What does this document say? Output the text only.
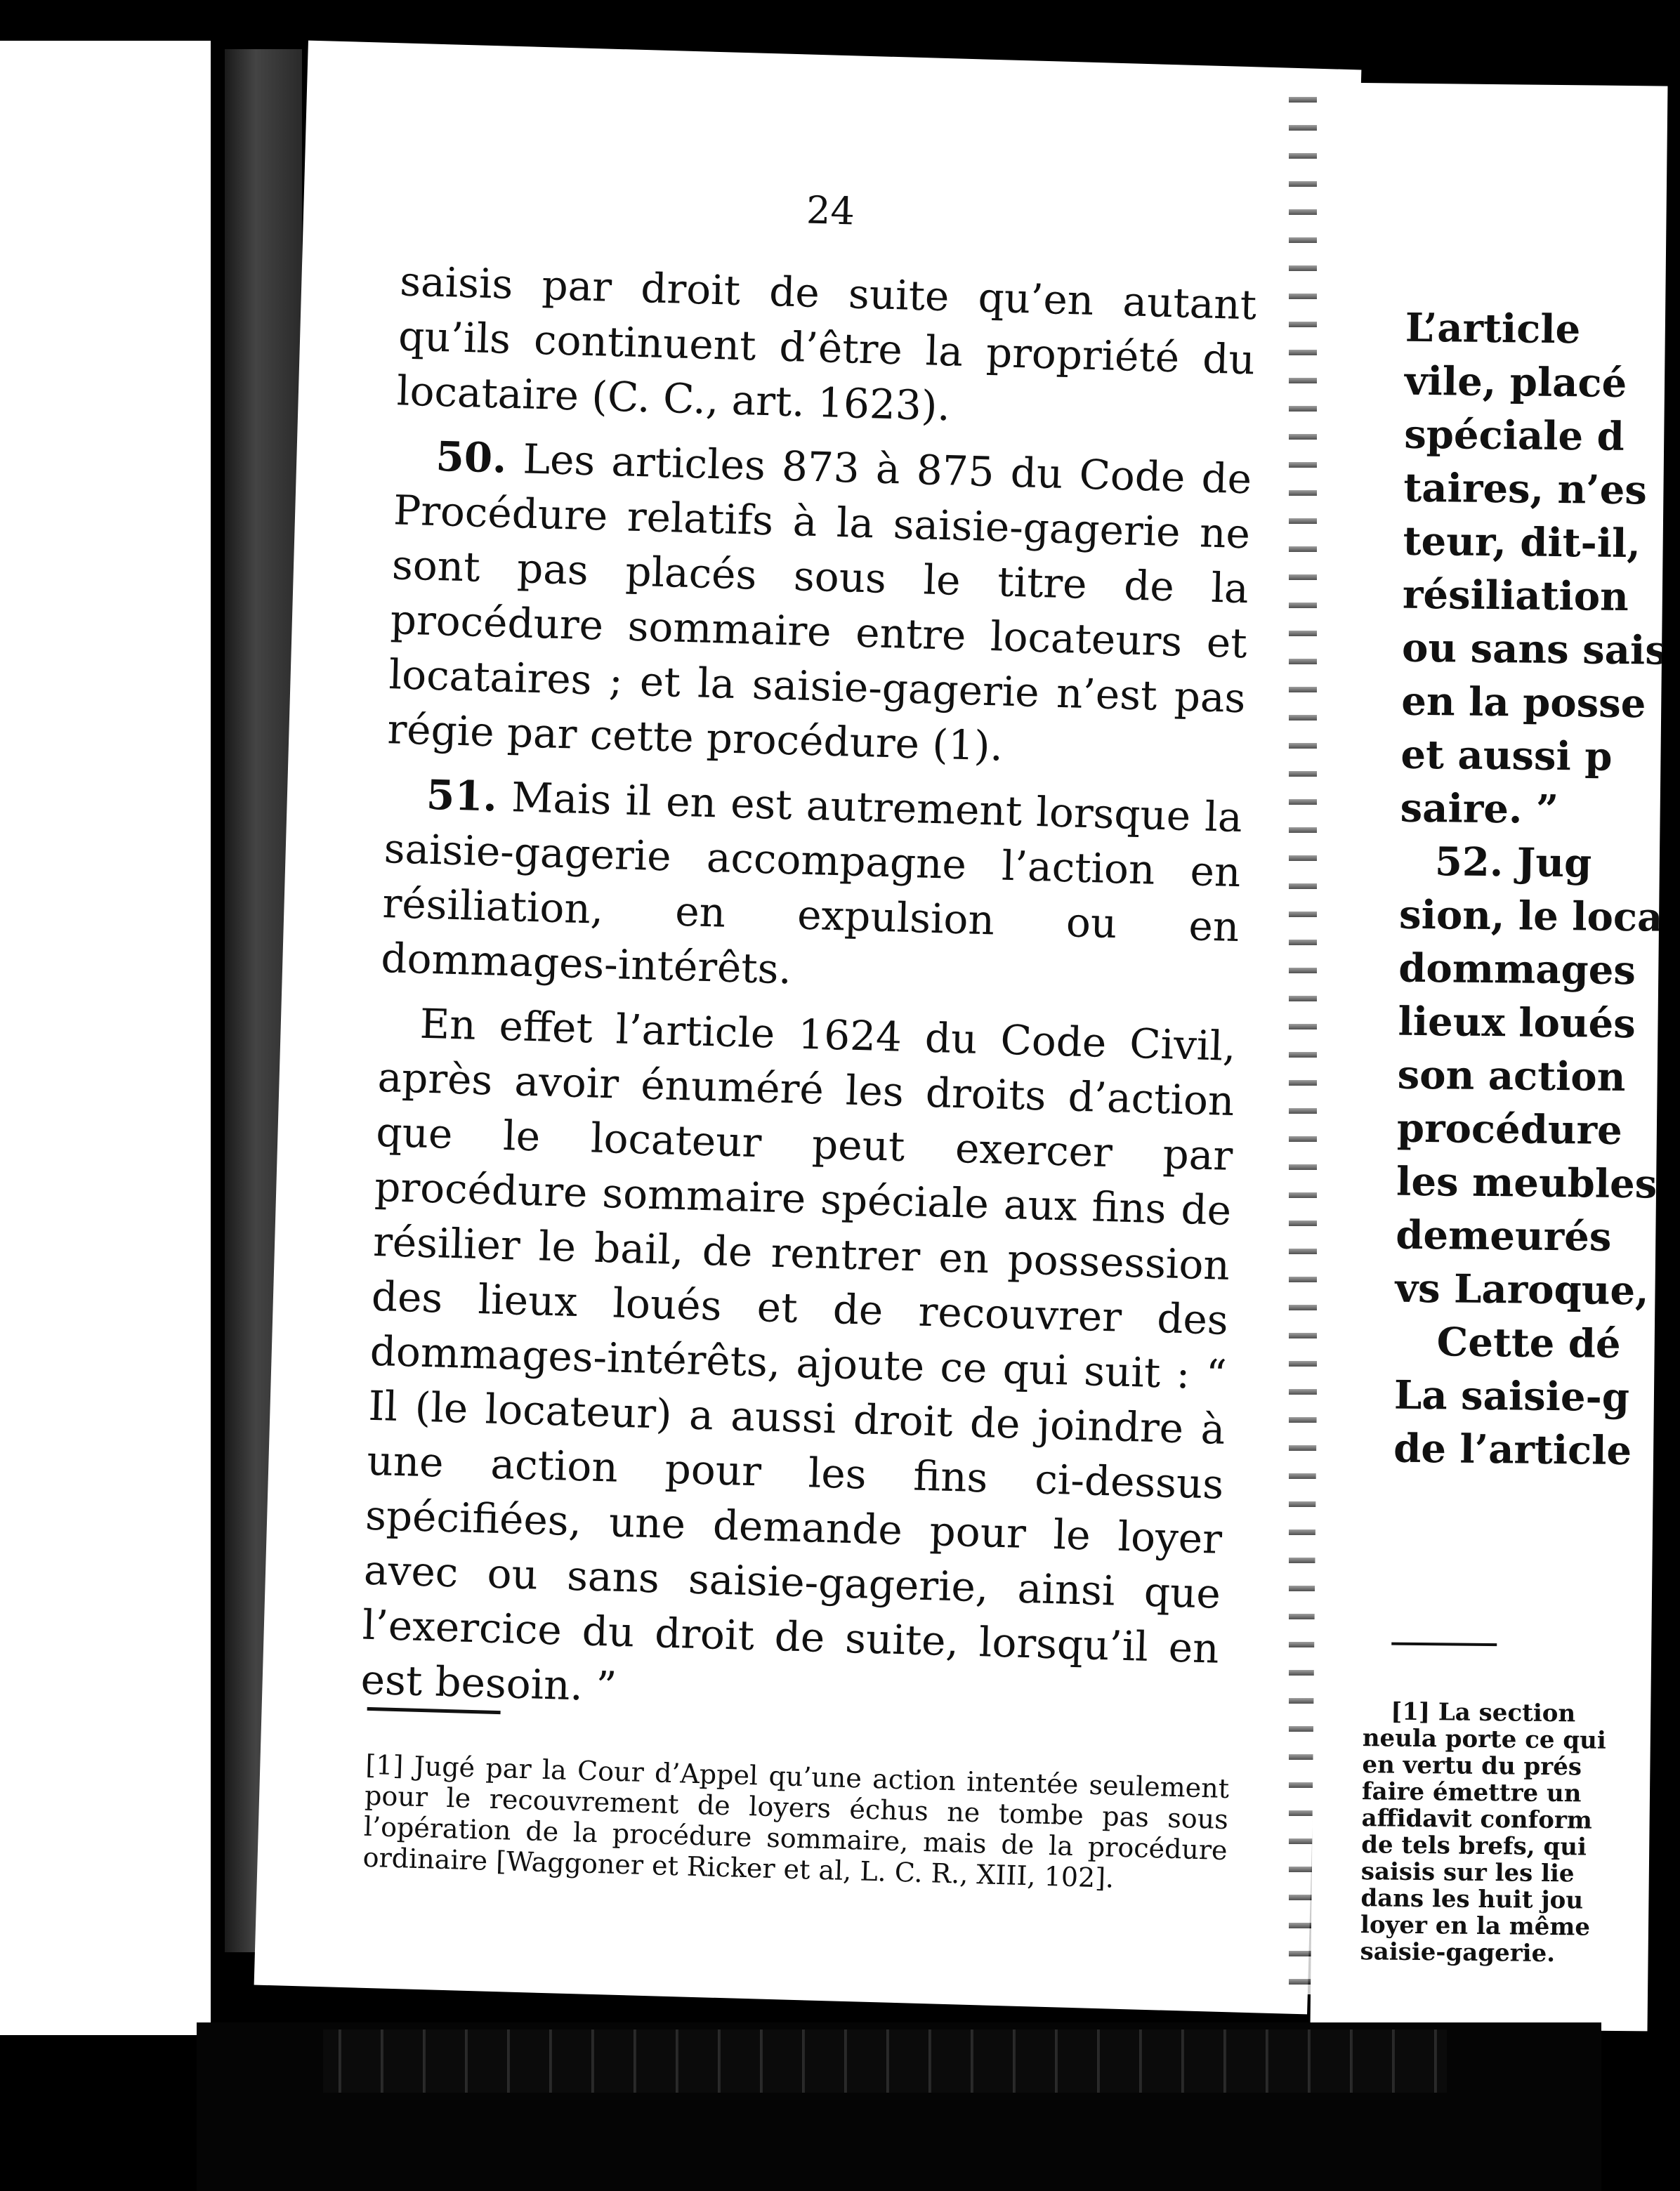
24

saisis par droit de suite qu’en autant qu’ils continuent d’être la propriété du locataire (C. C., art. 1623).

50. Les articles 873 à 875 du Code de Procédure relatifs à la saisie-gagerie ne sont pas placés sous le titre de la procédure sommaire entre locateurs et locataires ; et la saisie-gagerie n’est pas régie par cette procédure (1).

51. Mais il en est autrement lorsque la saisie-gagerie accompagne l’action en résiliation, en expulsion ou en dommages-intérêts.

En effet l’article 1624 du Code Civil, après avoir énuméré les droits d’action que le locateur peut exercer par procédure sommaire spéciale aux fins de résilier le bail, de rentrer en possession des lieux loués et de recouvrer des dommages-intérêts, ajoute ce qui suit : “ Il (le locateur) a aussi droit de joindre à une action pour les fins ci-dessus spécifiées, une demande pour le loyer avec ou sans saisie-gagerie, ainsi que l’exercice du droit de suite, lorsqu’il en est besoin. ”

[1] Jugé par la Cour d’Appel qu’une action intentée seulement pour le recouvrement de loyers échus ne tombe pas sous l’opération de la procédure sommaire, mais de la procédure ordinaire [Waggoner et Ricker et al, L. C. R., XIII, 102].
L’article
vile, placé
spéciale d
taires, n’es
teur, dit-il,
résiliation
ou sans sais
en la posse
et aussi p
saire. ”
52. Jug
sion, le loca
dommages
lieux loués
son action
procédure
les meubles
demeurés
vs Laroque,
Cette dé
La saisie-g
de l’article
[1] La section
neula porte ce qui
en vertu du prés
faire émettre un
affidavit conform
de tels brefs, qui
saisis sur les lie
dans les huit jou
loyer en la même
saisie-gagerie.
